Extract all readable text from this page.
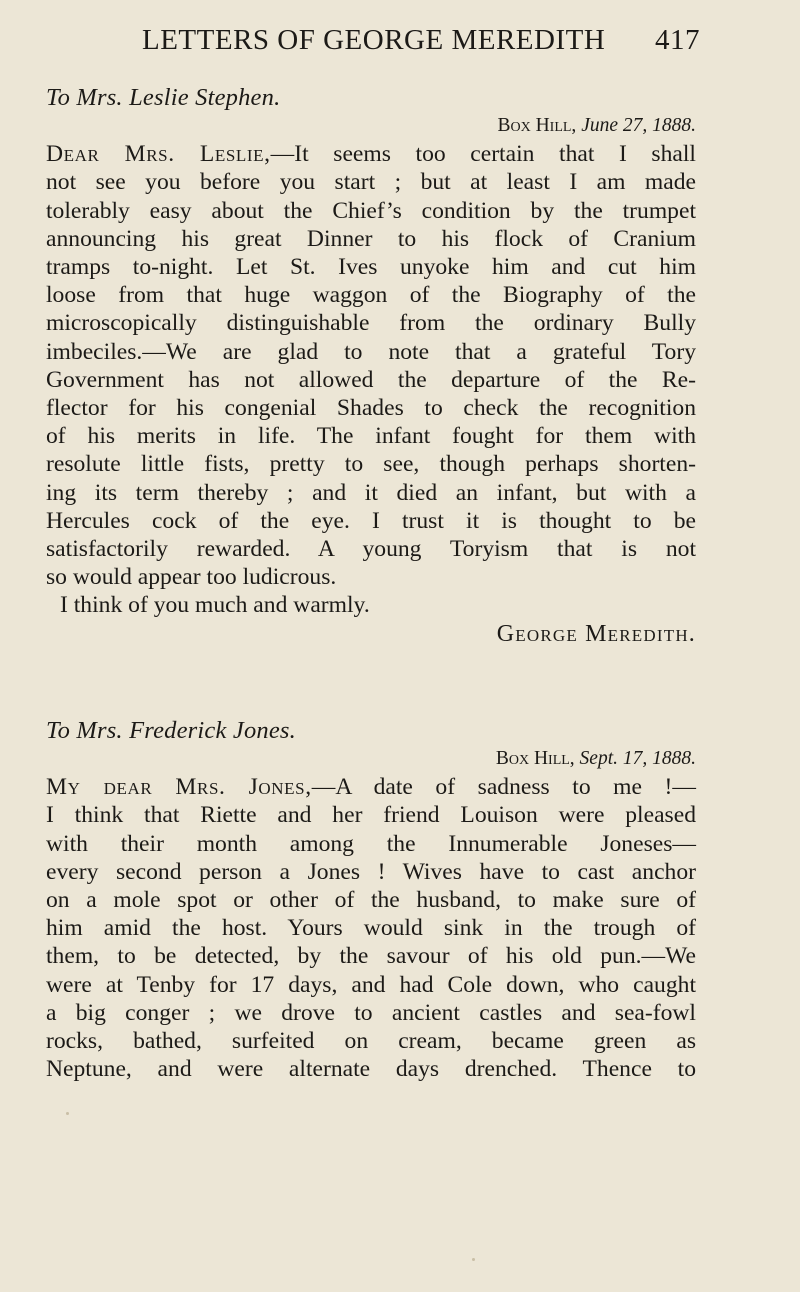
LETTERS OF GEORGE MEREDITH 417

To Mrs. Leslie Stephen.

Box Hill, June 27, 1888.

Dear Mrs. Leslie,—It seems too certain that I shall
not see you before you start ; but at least I am made
tolerably easy about the Chief’s condition by the trumpet
announcing his great Dinner to his flock of Cranium
tramps to-night. Let St. Ives unyoke him and cut him
loose from that huge waggon of the Biography of the
microscopically distinguishable from the ordinary Bully
imbeciles.—We are glad to note that a grateful Tory
Government has not allowed the departure of the Re-
flector for his congenial Shades to check the recognition
of his merits in life. The infant fought for them with
resolute little fists, pretty to see, though perhaps shorten-
ing its term thereby ; and it died an infant, but with a
Hercules cock of the eye. I trust it is thought to be
satisfactorily rewarded. A young Toryism that is not
so would appear too ludicrous.

I think of you much and warmly.

George Meredith.

To Mrs. Frederick Jones.

Box Hill, Sept. 17, 1888.

My dear Mrs. Jones,—A date of sadness to me !—
I think that Riette and her friend Louison were pleased
with their month among the Innumerable Joneses—
every second person a Jones ! Wives have to cast anchor
on a mole spot or other of the husband, to make sure of
him amid the host. Yours would sink in the trough of
them, to be detected, by the savour of his old pun.—We
were at Tenby for 17 days, and had Cole down, who caught
a big conger ; we drove to ancient castles and sea-fowl
rocks, bathed, surfeited on cream, became green as
Neptune, and were alternate days drenched. Thence to
